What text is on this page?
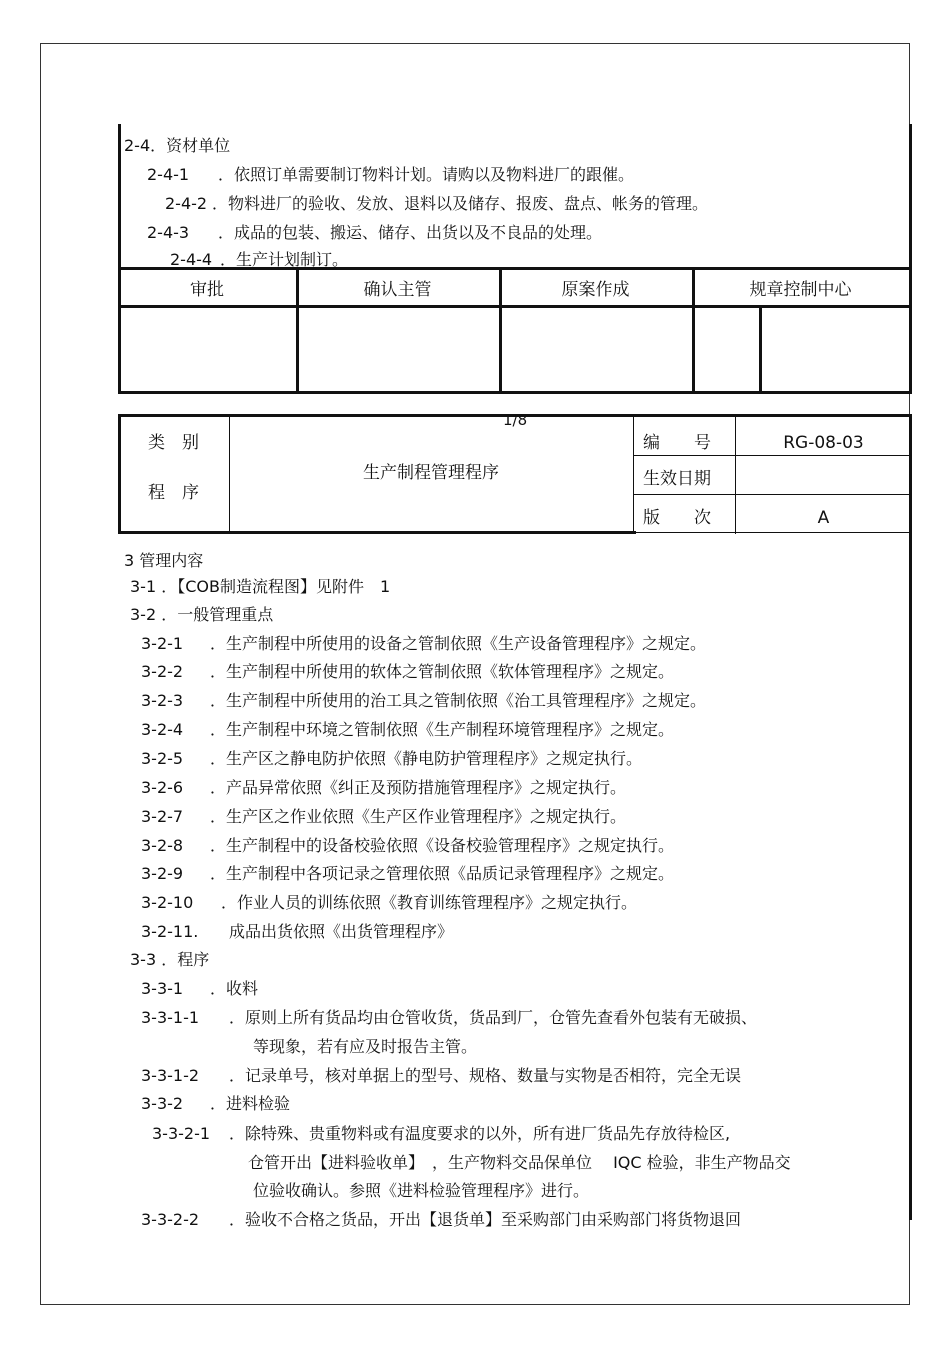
2-4．资材单位
2-4-1 ．依照订单需要制订物料计划。请购以及物料进厂的跟催。
2-4-2 ．物料进厂的验收、发放、退料以及储存、报废、盘点、帐务的管理。
2-4-3 ．成品的包装、搬运、储存、出货以及不良品的处理。
2-4-4 ．生产计划制订。
审批	确认主管	原案作成	规章控制中心
类　别
程　序
生产制程管理程序
编　　号	RG-08-03
生效日期
版　　次	A
1/8
3 管理内容
3-1 ．【COB制造流程图】见附件　1
3-2 ．一般管理重点
3-2-1 ．生产制程中所使用的设备之管制依照《生产设备管理程序》之规定。
3-2-2 ．生产制程中所使用的软体之管制依照《软体管理程序》之规定。
3-2-3 ．生产制程中所使用的治工具之管制依照《治工具管理程序》之规定。
3-2-4 ．生产制程中环境之管制依照《生产制程环境管理程序》之规定。
3-2-5 ．生产区之静电防护依照《静电防护管理程序》之规定执行。
3-2-6 ．产品异常依照《纠正及预防措施管理程序》之规定执行。
3-2-7 ．生产区之作业依照《生产区作业管理程序》之规定执行。
3-2-8 ．生产制程中的设备校验依照《设备校验管理程序》之规定执行。
3-2-9 ．生产制程中各项记录之管理依照《品质记录管理程序》之规定。
3-2-10 ．作业人员的训练依照《教育训练管理程序》之规定执行。
3-2-11. 成品出货依照《出货管理程序》
3-3 ．程序
3-3-1 ．收料
3-3-1-1 ．原则上所有货品均由仓管收货，货品到厂，仓管先查看外包装有无破损、
等现象，若有应及时报告主管。
3-3-1-2 ．记录单号，核对单据上的型号、规格、数量与实物是否相符，完全无误
3-3-2 ．进料检验
3-3-2-1 ．除特殊、贵重物料或有温度要求的以外，所有进厂货品先存放待检区,
仓管开出【进料验收单】　，生产物料交品保单位　 IQC 检验，非生产物品交
位验收确认。参照《进料检验管理程序》进行。
3-3-2-2 ．验收不合格之货品，开出【退货单】至采购部门由采购部门将货物退回
